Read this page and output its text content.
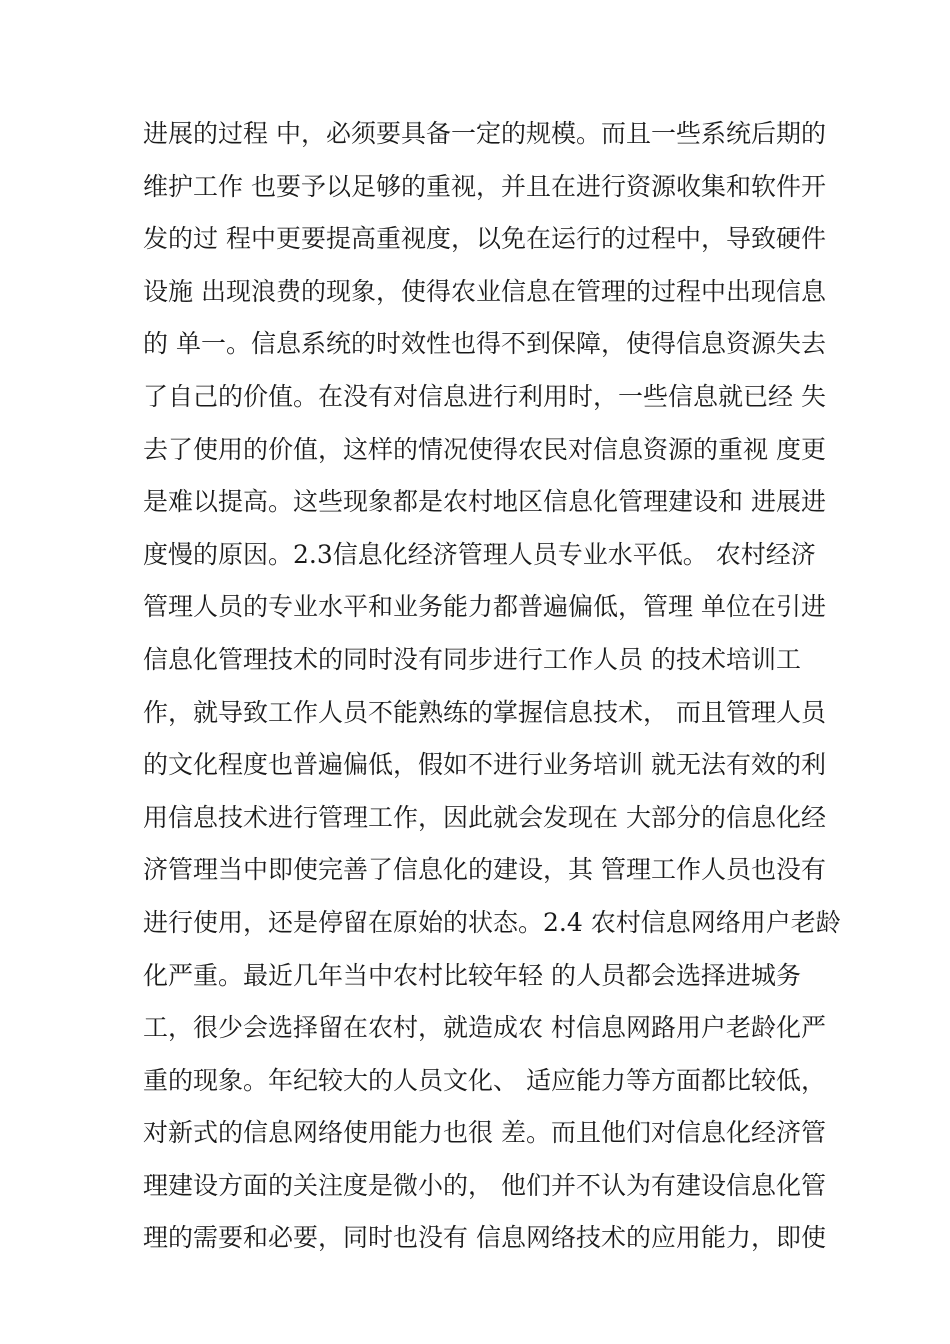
进展的过程 中，必须要具备一定的规模。而且一些系统后期的
维护工作 也要予以足够的重视，并且在进行资源收集和软件开
发的过 程中更要提高重视度，以免在运行的过程中，导致硬件
设施 出现浪费的现象，使得农业信息在管理的过程中出现信息
的 单一。信息系统的时效性也得不到保障，使得信息资源失去
了自己的价值。在没有对信息进行利用时，一些信息就已经 失
去了使用的价值，这样的情况使得农民对信息资源的重视 度更
是难以提高。这些现象都是农村地区信息化管理建设和 进展进
度慢的原因。2.3信息化经济管理人员专业水平低。 农村经济
管理人员的专业水平和业务能力都普遍偏低，管理 单位在引进
信息化管理技术的同时没有同步进行工作人员 的技术培训工
作，就导致工作人员不能熟练的掌握信息技术， 而且管理人员
的文化程度也普遍偏低，假如不进行业务培训 就无法有效的利
用信息技术进行管理工作，因此就会发现在 大部分的信息化经
济管理当中即使完善了信息化的建设，其 管理工作人员也没有
进行使用，还是停留在原始的状态。2.4 农村信息网络用户老龄
化严重。最近几年当中农村比较年轻 的人员都会选择进城务
工，很少会选择留在农村，就造成农 村信息网路用户老龄化严
重的现象。年纪较大的人员文化、 适应能力等方面都比较低，
对新式的信息网络使用能力也很 差。而且他们对信息化经济管
理建设方面的关注度是微小的， 他们并不认为有建设信息化管
理的需要和必要，同时也没有 信息网络技术的应用能力，即使
